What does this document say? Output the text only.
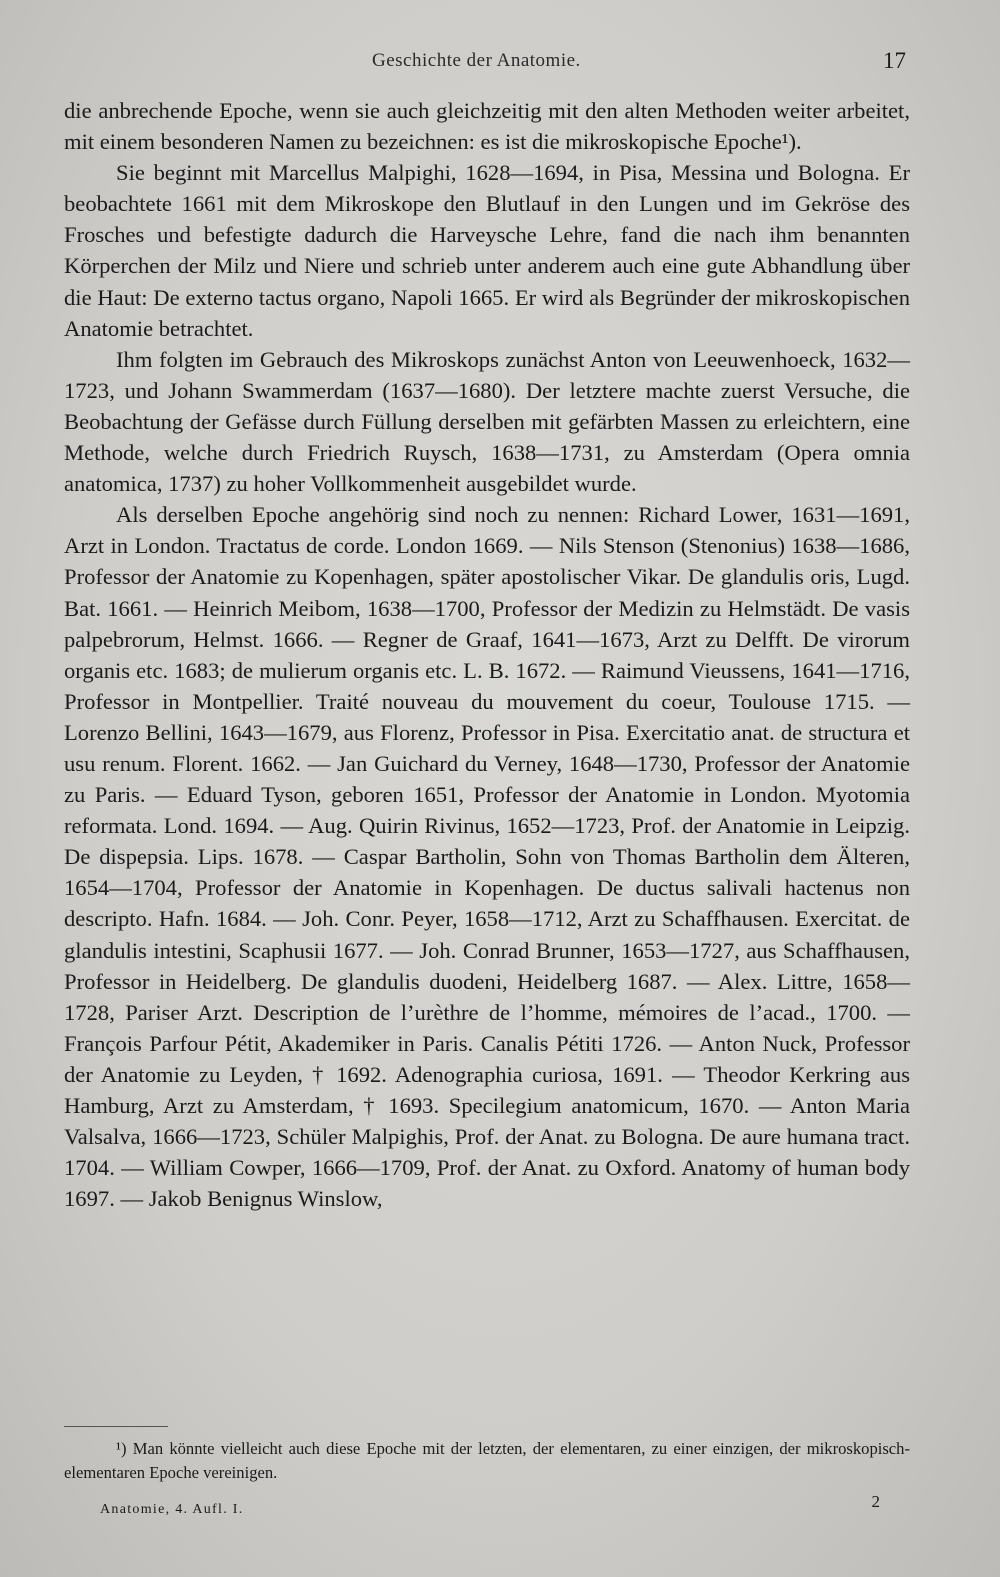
Geschichte der Anatomie.	17

die anbrechende Epoche, wenn sie auch gleichzeitig mit den alten Methoden weiter arbeitet, mit einem besonderen Namen zu bezeichnen: es ist die mikroskopische Epoche¹).

Sie beginnt mit Marcellus Malpighi, 1628—1694, in Pisa, Messina und Bologna. Er beobachtete 1661 mit dem Mikroskope den Blutlauf in den Lungen und im Gekröse des Frosches und befestigte dadurch die Harveysche Lehre, fand die nach ihm benannten Körperchen der Milz und Niere und schrieb unter anderem auch eine gute Abhandlung über die Haut: De externo tactus organo, Napoli 1665. Er wird als Begründer der mikroskopischen Anatomie betrachtet.

Ihm folgten im Gebrauch des Mikroskops zunächst Anton von Leeuwenhoeck, 1632—1723, und Johann Swammerdam (1637—1680). Der letztere machte zuerst Versuche, die Beobachtung der Gefässe durch Füllung derselben mit gefärbten Massen zu erleichtern, eine Methode, welche durch Friedrich Ruysch, 1638—1731, zu Amsterdam (Opera omnia anatomica, 1737) zu hoher Vollkommenheit ausgebildet wurde.

Als derselben Epoche angehörig sind noch zu nennen: Richard Lower, 1631—1691, Arzt in London. Tractatus de corde. London 1669. — Nils Stenson (Stenonius) 1638—1686, Professor der Anatomie zu Kopenhagen, später apostolischer Vikar. De glandulis oris, Lugd. Bat. 1661. — Heinrich Meibom, 1638—1700, Professor der Medizin zu Helmstädt. De vasis palpebrorum, Helmst. 1666. — Regner de Graaf, 1641—1673, Arzt zu Delfft. De virorum organis etc. 1683; de mulierum organis etc. L. B. 1672. — Raimund Vieussens, 1641—1716, Professor in Montpellier. Traité nouveau du mouvement du coeur, Toulouse 1715. — Lorenzo Bellini, 1643—1679, aus Florenz, Professor in Pisa. Exercitatio anat. de structura et usu renum. Florent. 1662. — Jan Guichard du Verney, 1648—1730, Professor der Anatomie zu Paris. — Eduard Tyson, geboren 1651, Professor der Anatomie in London. Myotomia reformata. Lond. 1694. — Aug. Quirin Rivinus, 1652—1723, Prof. der Anatomie in Leipzig. De dispepsia. Lips. 1678. — Caspar Bartholin, Sohn von Thomas Bartholin dem Älteren, 1654—1704, Professor der Anatomie in Kopenhagen. De ductus salivali hactenus non descripto. Hafn. 1684. — Joh. Conr. Peyer, 1658—1712, Arzt zu Schaffhausen. Exercitat. de glandulis intestini, Scaphusii 1677. — Joh. Conrad Brunner, 1653—1727, aus Schaffhausen, Professor in Heidelberg. De glandulis duodeni, Heidelberg 1687. — Alex. Littre, 1658—1728, Pariser Arzt. Description de l’urèthre de l’homme, mémoires de l’acad., 1700. — François Parfour Pétit, Akademiker in Paris. Canalis Pétiti 1726. — Anton Nuck, Professor der Anatomie zu Leyden, † 1692. Adenographia curiosa, 1691. — Theodor Kerkring aus Hamburg, Arzt zu Amsterdam, † 1693. Specilegium anatomicum, 1670. — Anton Maria Valsalva, 1666—1723, Schüler Malpighis, Prof. der Anat. zu Bologna. De aure humana tract. 1704. — William Cowper, 1666—1709, Prof. der Anat. zu Oxford. Anatomy of human body 1697. — Jakob Benignus Winslow,

¹) Man könnte vielleicht auch diese Epoche mit der letzten, der elementaren, zu einer einzigen, der mikroskopisch-elementaren Epoche vereinigen.

Anatomie, 4. Aufl. I.	2
